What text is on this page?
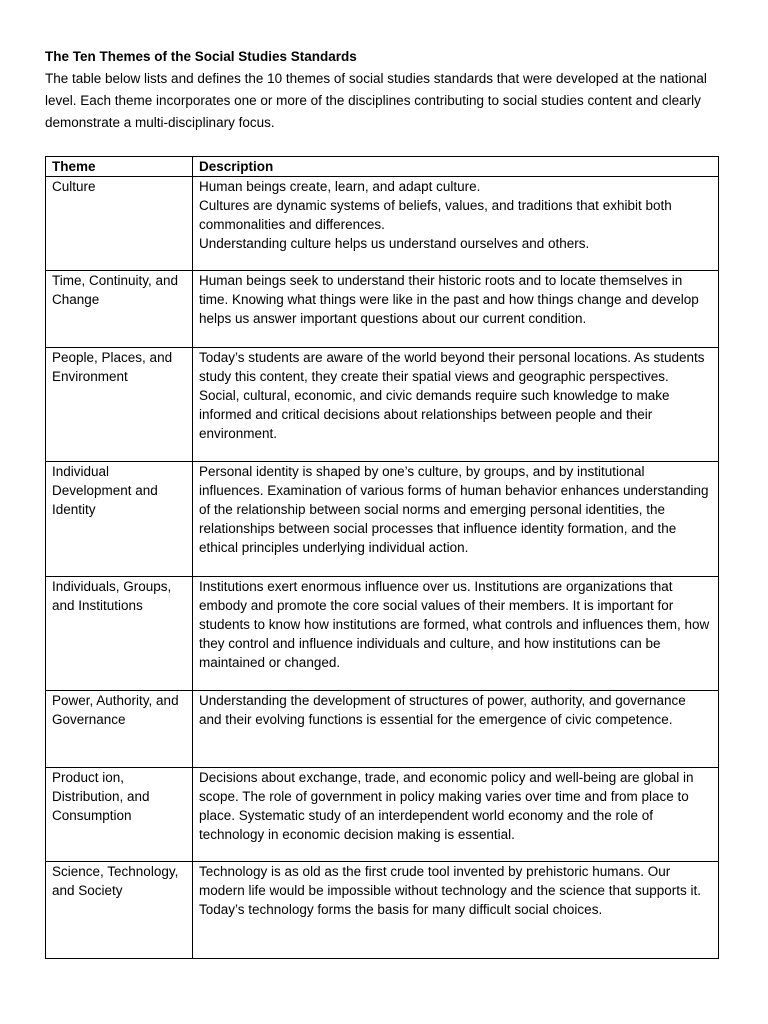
The Ten Themes of the Social Studies Standards

The table below lists and defines the 10 themes of social studies standards that were developed at the national level. Each theme incorporates one or more of the disciplines contributing to social studies content and clearly demonstrate a multi-disciplinary focus.

Theme	Description
Culture	Human beings create, learn, and adapt culture.
Cultures are dynamic systems of beliefs, values, and traditions that exhibit both commonalities and differences.
Understanding culture helps us understand ourselves and others.

Time, Continuity, and Change	Human beings seek to understand their historic roots and to locate themselves in time. Knowing what things were like in the past and how things change and develop helps us answer important questions about our current condition.
People, Places, and Environment	Today’s students are aware of the world beyond their personal locations. As students study this content, they create their spatial views and geographic perspectives. Social, cultural, economic, and civic demands require such knowledge to make informed and critical decisions about relationships between people and their environment.
Individual Development and Identity	Personal identity is shaped by one’s culture, by groups, and by institutional influences. Examination of various forms of human behavior enhances understanding of the relationship between social norms and emerging personal identities, the relationships between social processes that influence identity formation, and the ethical principles underlying individual action.
Individuals, Groups, and Institutions	Institutions exert enormous influence over us. Institutions are organizations that embody and promote the core social values of their members. It is important for students to know how institutions are formed, what controls and influences them, how they control and influence individuals and culture, and how institutions can be maintained or changed.
Power, Authority, and Governance	Understanding the development of structures of power, authority, and governance and their evolving functions is essential for the emergence of civic competence.
Product ion, Distribution, and Consumption	Decisions about exchange, trade, and economic policy and well-being are global in scope. The role of government in policy making varies over time and from place to place. Systematic study of an interdependent world economy and the role of technology in economic decision making is essential.
Science, Technology, and Society	Technology is as old as the first crude tool invented by prehistoric humans. Our modern life would be impossible without technology and the science that supports it. Today’s technology forms the basis for many difficult social choices.
